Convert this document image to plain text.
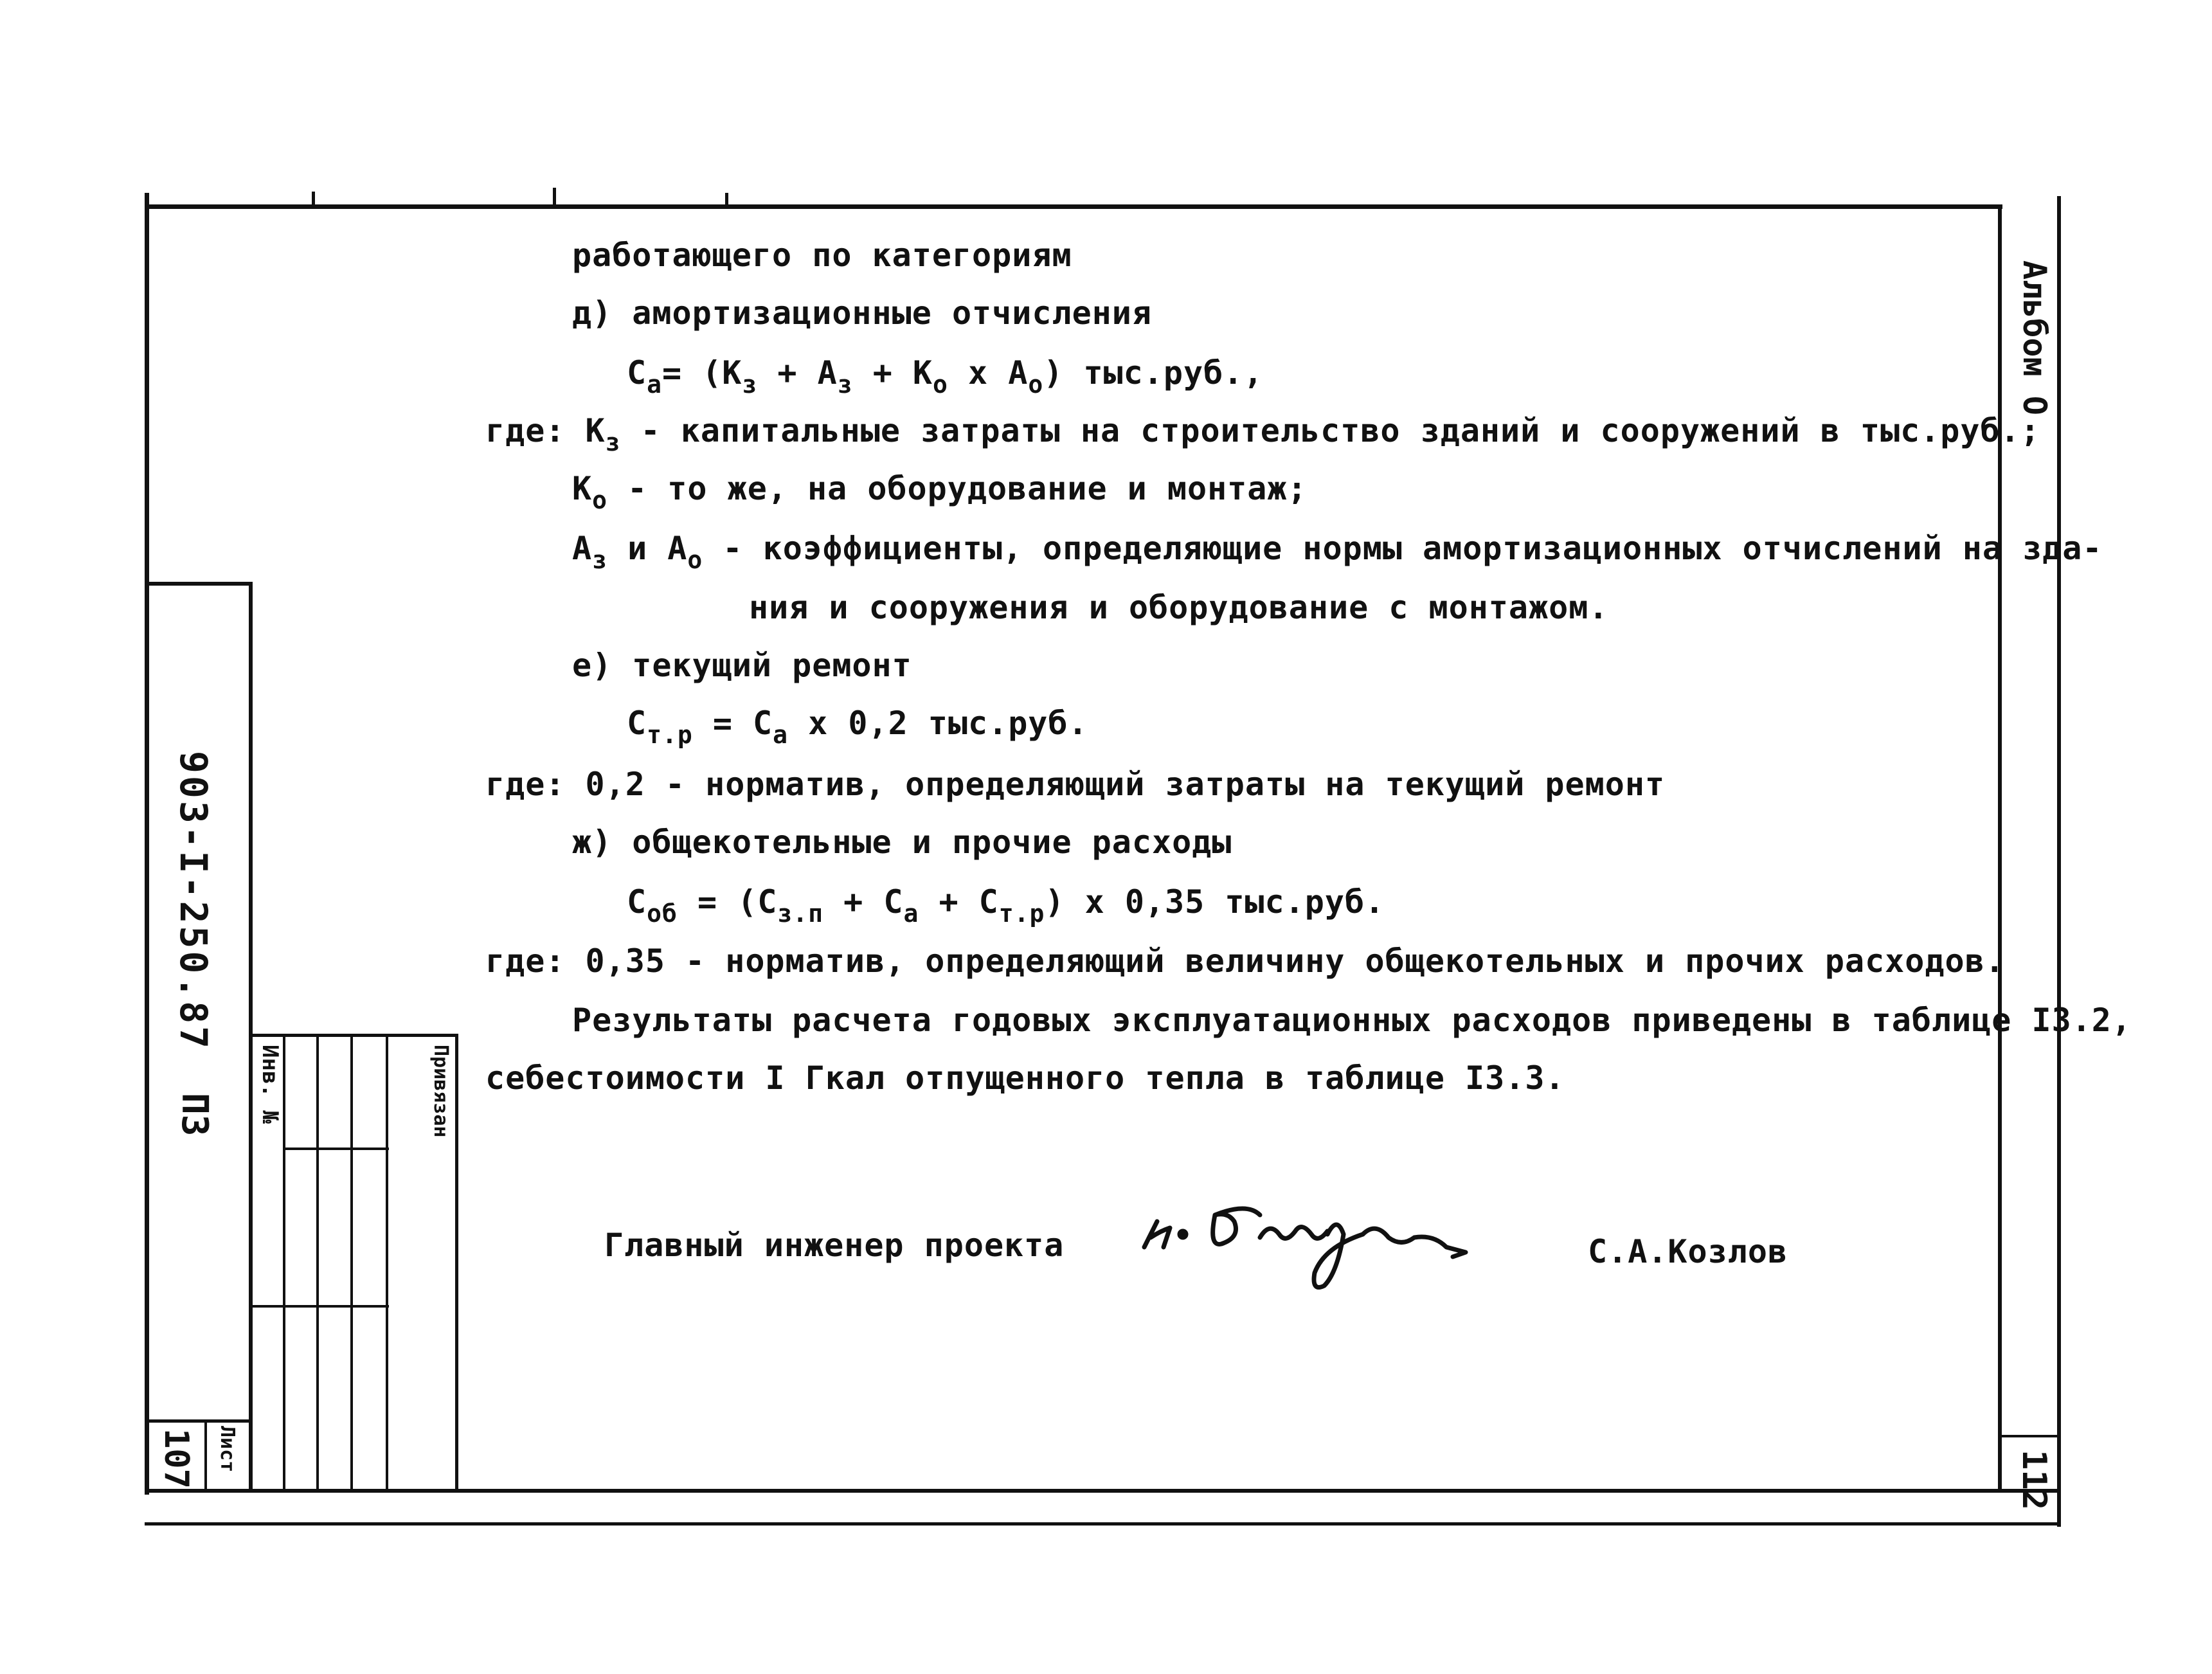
903-I-250.87
ПЗ Инв. №	Привязан
Лист
107
Альбом О
112
работающего по категориям
д) амортизационные отчисления
$C_a= (K_з + A_з + K_o$ x $A_o$) тыс.руб.,
где: $K_з$ - капитальные затраты на строительство зданий и сооружений в тыс.руб.;
$K_o$ - то же, на оборудование и монтаж;
$A_з$ и $A_o$ - коэффициенты, определяющие нормы амортизационных отчислений на зда-
ния и сооружения и оборудование с монтажом.
е) текущий ремонт
$C_{т.р} = C_a$ x 0,2 тыс.руб.
где: 0,2 - норматив, определяющий затраты на текущий ремонт
ж) общекотельные и прочие расходы
$C_{об} = (C_{з.п} + C_a + C_{т.р})$ x 0,35 тыс.руб.
где: 0,35 - норматив, определяющий величину общекотельных и прочих расходов.
Результаты расчета годовых эксплуатационных расходов приведены в таблице I3.2,
себестоимости I Гкал отпущенного тепла в таблице I3.3.
Главный инженер проекта	С.А.Козлов
